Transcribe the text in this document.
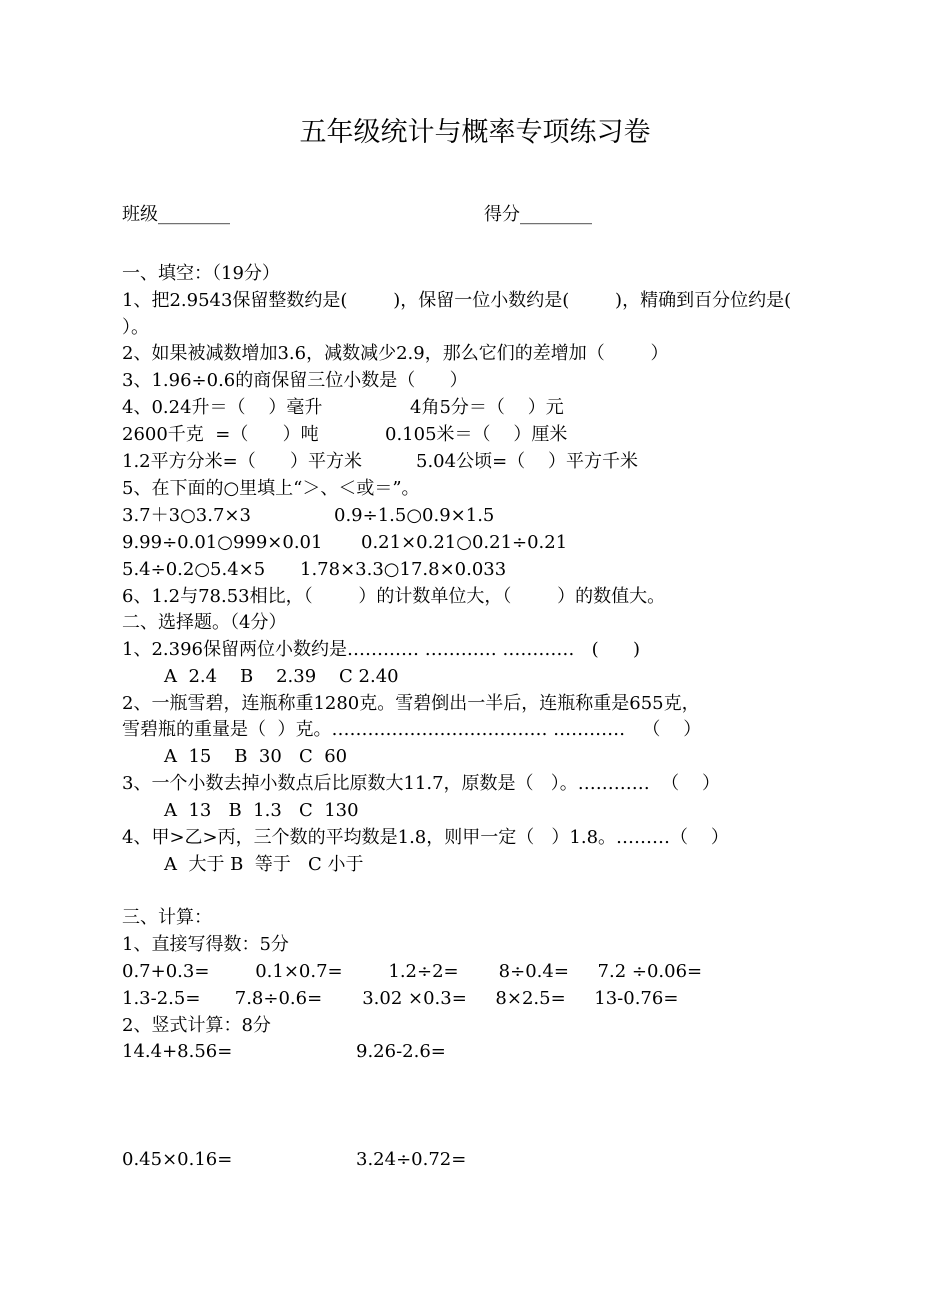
五年级统计与概率专项练习卷
班级________	得分________
一、填空：（19分）
1、把2.9543保留整数约是(        )，保留一位小数约是(        )，精确到百分位约是(
）。
2、如果被减数增加3.6，减数减少2.9，那么它们的差增加（        ）
3、1.96÷0.6的商保留三位小数是（      ）
4、0.24升＝（    ）毫升	4角5分＝（    ）元
2600千克  =（      ）吨	0.105米＝（    ）厘米
1.2平方分米=（      ）平方米	5.04公顷=（    ）平方千米
5、在下面的○里填上“＞、＜或＝”。
3.7＋3○3.7×3	0.9÷1.5○0.9×1.5
9.99÷0.01○999×0.01 0.21×0.21○0.21÷0.21
5.4÷0.2○5.4×5 1.78×3.3○17.8×0.033
6、1.2与78.53相比，（        ）的计数单位大，（        ）的数值大。
二、选择题。（4分）
1、2.396保留两位小数约是………… ………… …………   (      )
A  2.4    B    2.39    C 2.40
2、一瓶雪碧，连瓶称重1280克。雪碧倒出一半后，连瓶称重是655克，
雪碧瓶的重量是（  ）克。……………………………… …………   （    ）
A  15    B  30   C  60
3、一个小数去掉小数点后比原数大11.7，原数是（   ）。…………  （    ）
A  13   B  1.3   C  130
4、甲>乙>丙，三个数的平均数是1.8，则甲一定（   ）1.8。………（    ）
A  大于 B  等于   C 小于
三、计算：
1、直接写得数：5分
0.7+0.3=        0.1×0.7=        1.2÷2=       8÷0.4=     7.2 ÷0.06=
1.3-2.5=      7.8÷0.6=       3.02 ×0.3=     8×2.5=     13-0.76=
2、竖式计算：8分
14.4+8.56=	9.26-2.6=
0.45×0.16=	3.24÷0.72=
